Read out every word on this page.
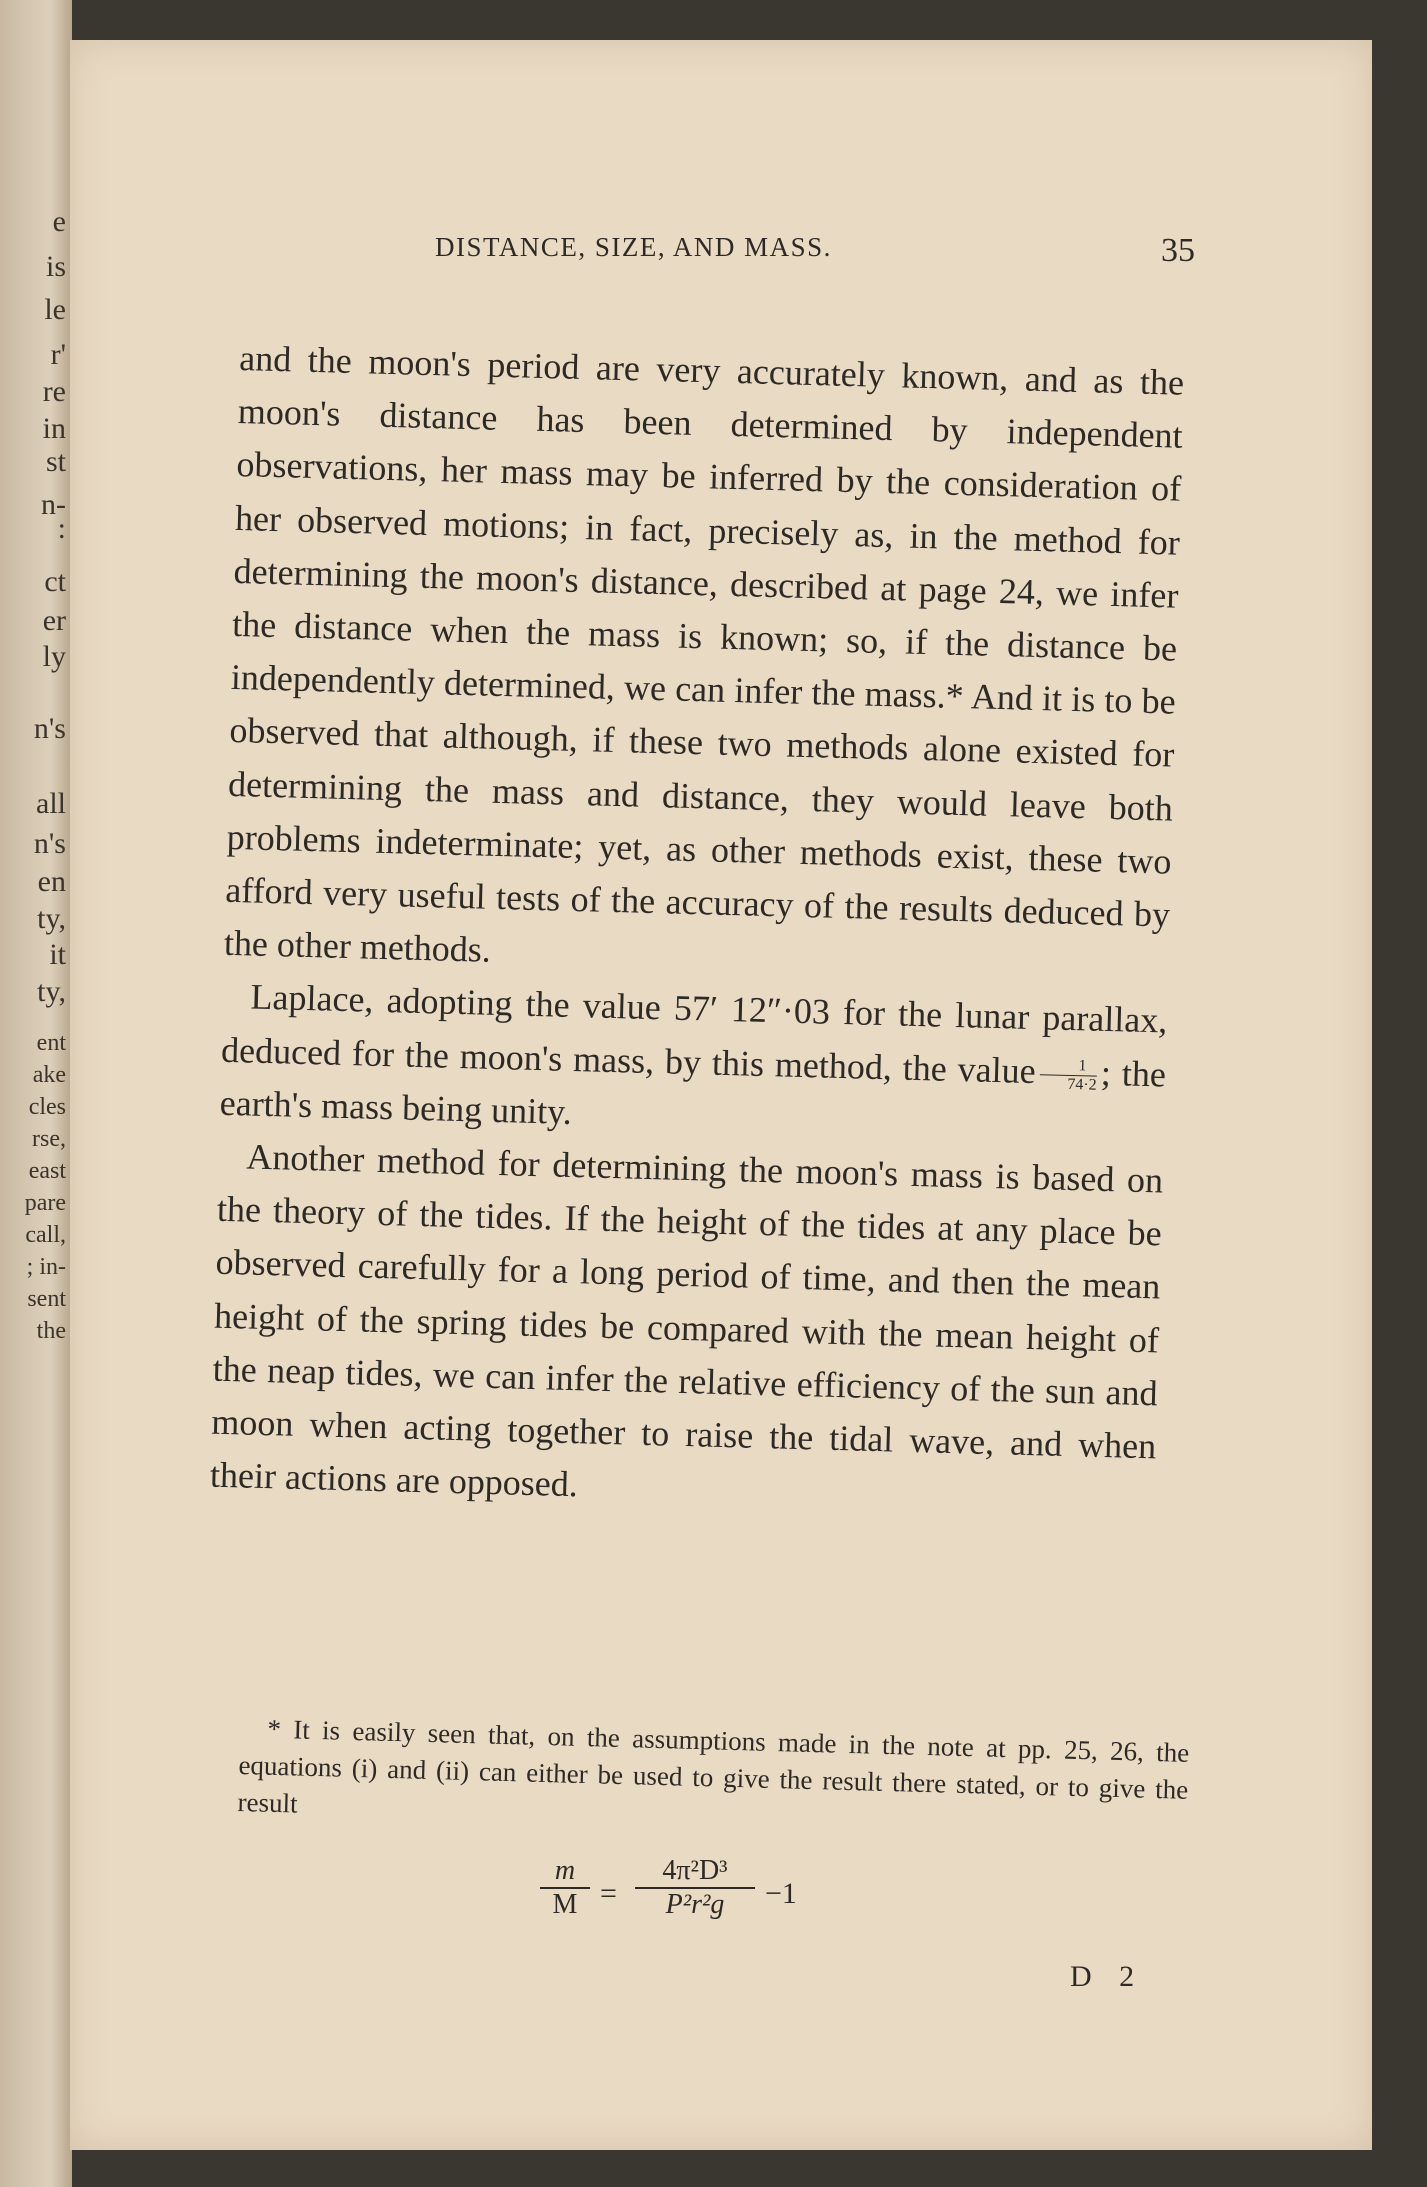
e
is
le
r'
re
in
st
n-
:
ct
er
ly
n's
all
n's
en
ty,
it
ty,
ent
ake
cles
rse,
east
pare
call,
; in-
sent
the
DISTANCE, SIZE, AND MASS.	35

and the moon's period are very accurately known, and as the moon's distance has been determined by independent observations, her mass may be inferred by the consideration of her observed motions; in fact, precisely as, in the method for determining the moon's distance, described at page 24, we infer the distance when the mass is known; so, if the distance be independently determined, we can infer the mass.* And it is to be observed that although, if these two methods alone existed for determining the mass and distance, they would leave both problems indeterminate; yet, as other methods exist, these two afford very useful tests of the accuracy of the results deduced by the other methods.

Laplace, adopting the value 57′ 12″·03 for the lunar parallax, deduced for the moon's mass, by this method, the value $\frac{1}{74\cdot 2}$ ; the earth's mass being unity.

Another method for determining the moon's mass is based on the theory of the tides. If the height of the tides at any place be observed carefully for a long period of time, and then the mean height of the spring tides be compared with the mean height of the neap tides, we can infer the relative efficiency of the sun and moon when acting together to raise the tidal wave, and when their actions are opposed.

* It is easily seen that, on the assumptions made in the note at pp. 25, 26, the equations (i) and (ii) can either be used to give the result there stated, or to give the result

$\frac{m}{M} = \frac{\text{4π²D³}}{\text{P²r²g}} -1$
D 2
